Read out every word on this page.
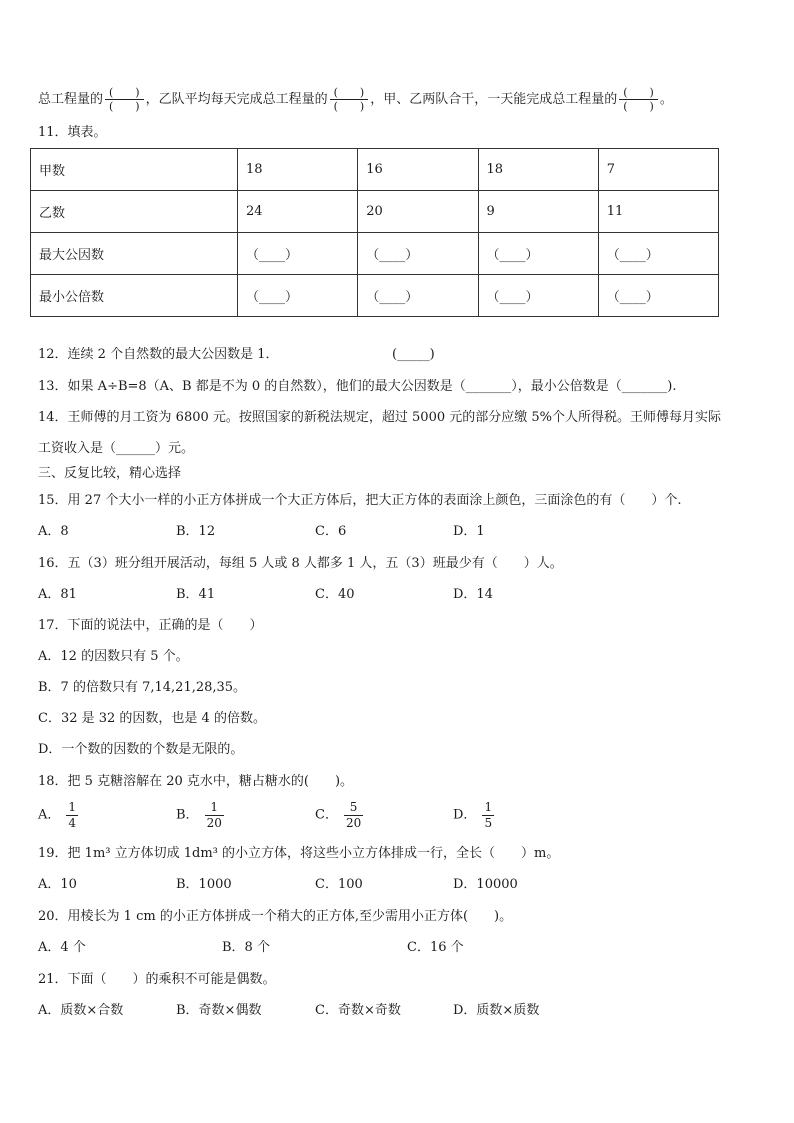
总工程量的 $\frac{( )}{( )}$ ，乙队平均每天完成总工程量的 $\frac{( )}{( )}$ ，甲、乙两队合干，一天能完成总工程量的 $\frac{( )}{( )}$ 。
11．填表。
甲数	18	16	18	7
乙数	24	20	9	11
最大公因数	（____）	（____）	（____）	（____）
最小公倍数	（____）	（____）	（____）	（____）
12．连续 2 个自然数的最大公因数是 1．	(_____)
13．如果 A÷B=8（A、B 都是不为 0 的自然数），他们的最大公因数是（_______），最小公倍数是（_______).
14．王师傅的月工资为 6800 元。按照国家的新税法规定，超过 5000 元的部分应缴 5%个人所得税。王师傅每月实际
工资收入是（______）元。
三、反复比较，精心选择
15．用 27 个大小一样的小正方体拼成一个大正方体后，把大正方体的表面涂上颜色，三面涂色的有（　　）个.
A．8	B．12	C．6	D．1
16．五（3）班分组开展活动，每组 5 人或 8 人都多 1 人，五（3）班最少有（　　）人。
A．81	B．41	C．40	D．14
17．下面的说法中，正确的是（　　）
A．12 的因数只有 5 个。
B．7 的倍数只有 7,14,21,28,35。
C．32 是 32 的因数，也是 4 的倍数。
D．一个数的因数的个数是无限的。
18．把 5 克糖溶解在 20 克水中，糖占糖水的(　　)。
A． $\frac{1}{4}$	B． $\frac{1}{20}$	C． $\frac{5}{20}$	D． $\frac{1}{5}$
19．把 1m³ 立方体切成 1dm³ 的小立方体，将这些小立方体排成一行，全长（　　）m。
A．10	B．1000	C．100	D．10000
20．用棱长为 1 cm 的小正方体拼成一个稍大的正方体,至少需用小正方体(　　)。
A．4 个	B．8 个	C．16 个
21．下面（　　）的乘积不可能是偶数。
A．质数×合数	B．奇数×偶数	C．奇数×奇数	D．质数×质数
